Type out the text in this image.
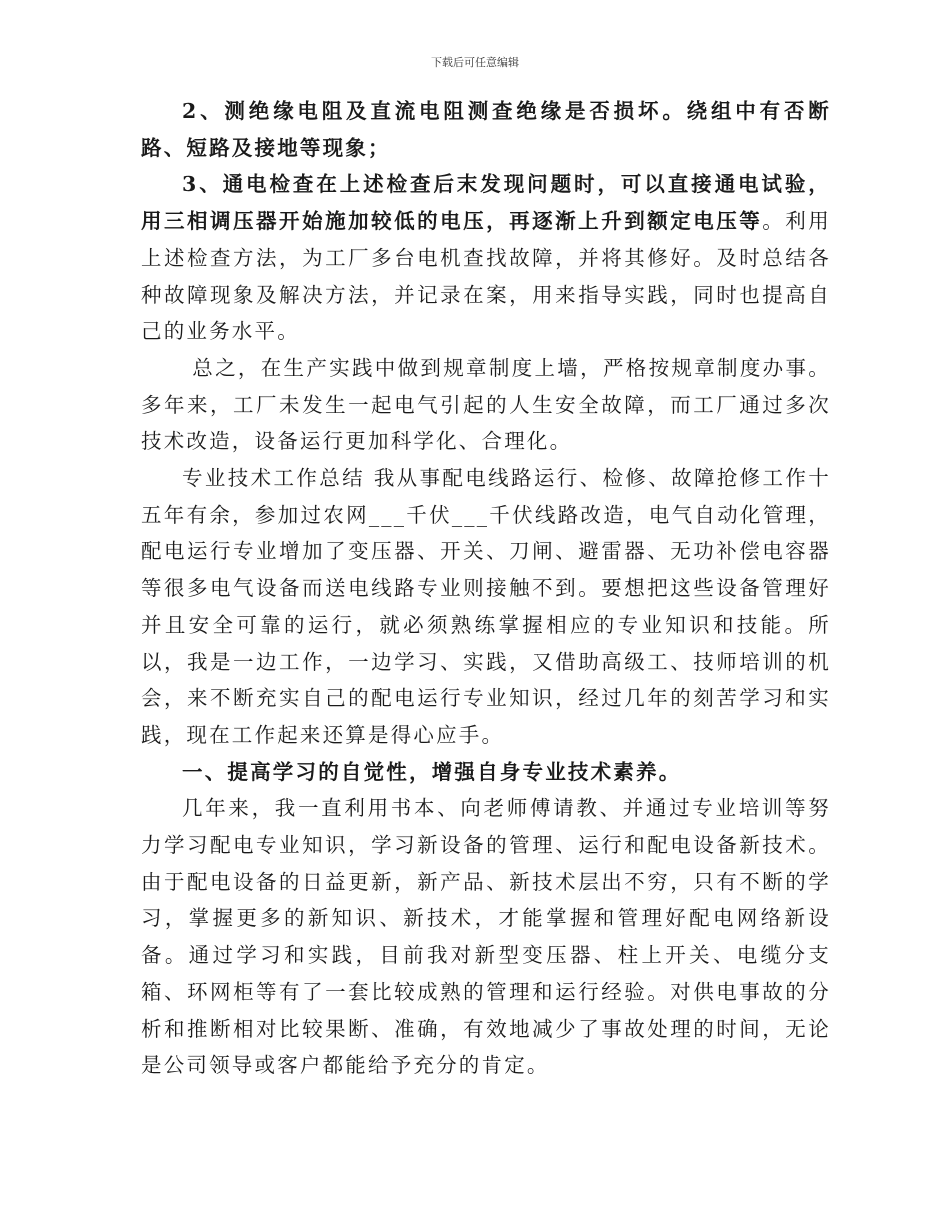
下载后可任意编辑

2、测绝缘电阻及直流电阻测查绝缘是否损坏。绕组中有否断路、短路及接地等现象；

3、通电检查在上述检查后末发现问题时，可以直接通电试验，用三相调压器开始施加较低的电压，再逐渐上升到额定电压等。利用上述检查方法，为工厂多台电机查找故障，并将其修好。及时总结各种故障现象及解决方法，并记录在案，用来指导实践，同时也提高自己的业务水平。

总之，在生产实践中做到规章制度上墙，严格按规章制度办事。多年来，工厂未发生一起电气引起的人生安全故障，而工厂通过多次技术改造，设备运行更加科学化、合理化。

专业技术工作总结 我从事配电线路运行、检修、故障抢修工作十五年有余，参加过农网___千伏___千伏线路改造，电气自动化管理，配电运行专业增加了变压器、开关、刀闸、避雷器、无功补偿电容器等很多电气设备而送电线路专业则接触不到。要想把这些设备管理好并且安全可靠的运行，就必须熟练掌握相应的专业知识和技能。所以，我是一边工作，一边学习、实践，又借助高级工、技师培训的机会，来不断充实自己的配电运行专业知识，经过几年的刻苦学习和实践，现在工作起来还算是得心应手。

一、提高学习的自觉性，增强自身专业技术素养。

几年来，我一直利用书本、向老师傅请教、并通过专业培训等努力学习配电专业知识，学习新设备的管理、运行和配电设备新技术。由于配电设备的日益更新，新产品、新技术层出不穷，只有不断的学习，掌握更多的新知识、新技术，才能掌握和管理好配电网络新设备。通过学习和实践，目前我对新型变压器、柱上开关、电缆分支箱、环网柜等有了一套比较成熟的管理和运行经验。对供电事故的分析和推断相对比较果断、准确，有效地减少了事故处理的时间，无论是公司领导或客户都能给予充分的肯定。
